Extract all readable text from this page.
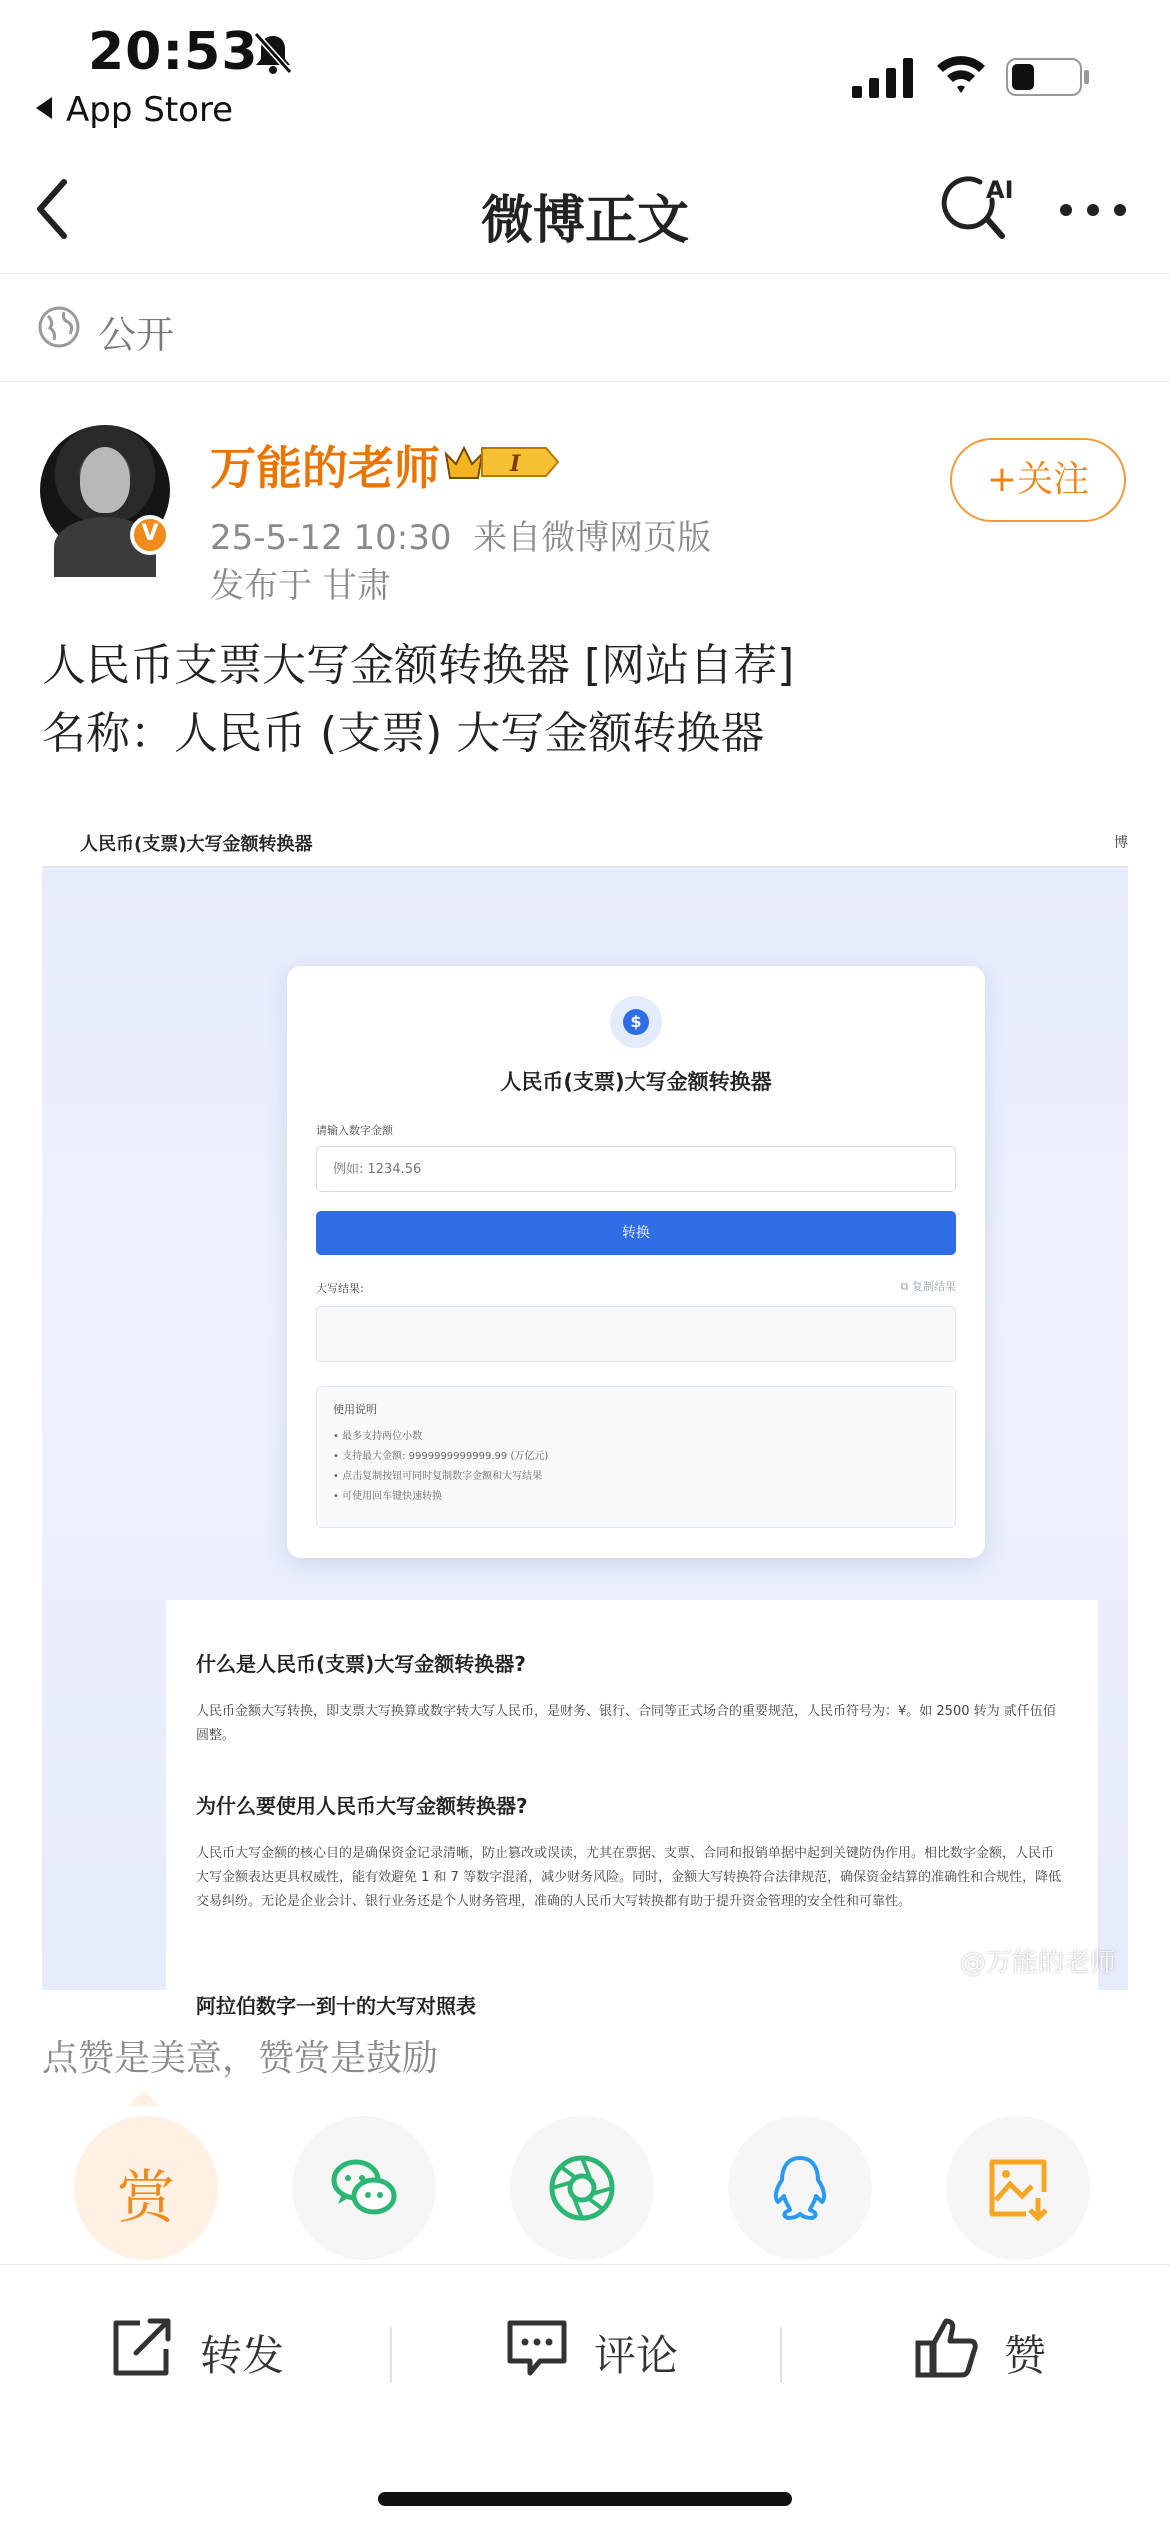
20:53
App Store
微博正文
AI
公开
V
万能的老师	I
25-5-12 10:30 来自微博网页版
发布于 甘肃
+关注
人民币支票大写金额转换器 [网站自荐]
名称：人民币 (支票) 大写金额转换器
人民币(支票)大写金额转换器	博
$
人民币(支票)大写金额转换器
请输入数字金额
例如: 1234.56
转换
大写结果:	⧉ 复制结果
使用说明
• 最多支持两位小数
• 支持最大金额: 9999999999999.99 (万亿元)
• 点击复制按钮可同时复制数字金额和大写结果
• 可使用回车键快速转换
什么是人民币(支票)大写金额转换器?
人民币金额大写转换，即支票大写换算或数字转大写人民币，是财务、银行、合同等正式场合的重要规范，人民币符号为：¥。如 2500 转为 贰仟伍佰圆整。
为什么要使用人民币大写金额转换器?
人民币大写金额的核心目的是确保资金记录清晰，防止篡改或误读，尤其在票据、支票、合同和报销单据中起到关键防伪作用。相比数字金额，人民币大写金额表达更具权威性，能有效避免 1 和 7 等数字混淆，减少财务风险。同时，金额大写转换符合法律规范，确保资金结算的准确性和合规性，降低交易纠纷。无论是企业会计、银行业务还是个人财务管理，准确的人民币大写转换都有助于提升资金管理的安全性和可靠性。
阿拉伯数字一到十的大写对照表
@万能的老师
点赞是美意，赞赏是鼓励
赏
转发	评论	赞
